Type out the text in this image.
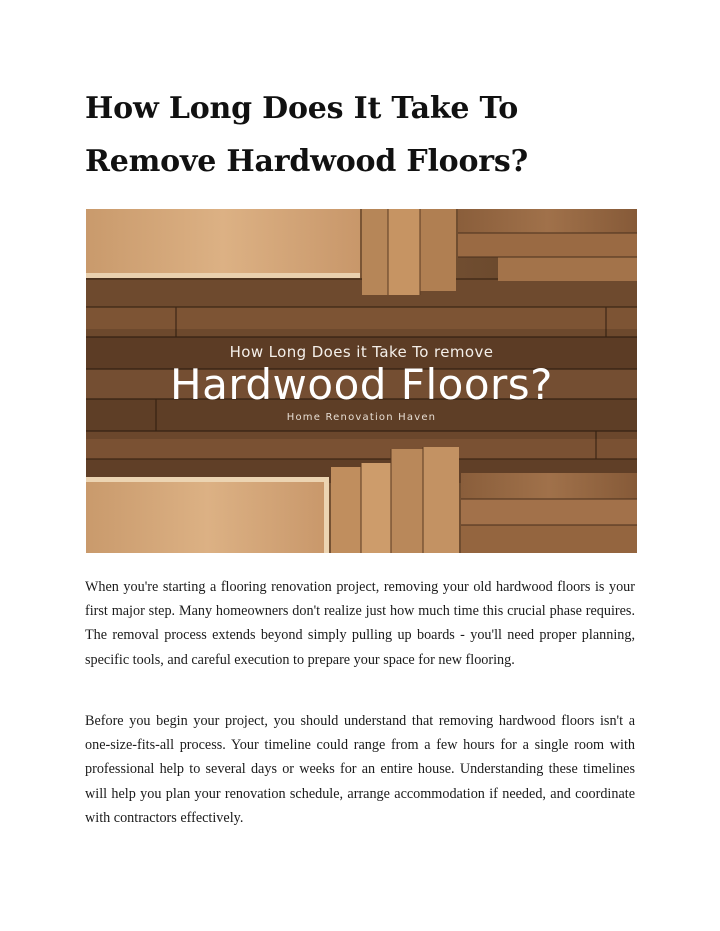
How Long Does It Take To Remove Hardwood Floors?
How Long Does it Take To remove
Hardwood Floors?
Home Renovation Haven

When you're starting a flooring renovation project, removing your old hardwood floors is your first major step. Many homeowners don't realize just how much time this crucial phase requires. The removal process extends beyond simply pulling up boards - you'll need proper planning, specific tools, and careful execution to prepare your space for new flooring.

Before you begin your project, you should understand that removing hardwood floors isn't a one-size-fits-all process. Your timeline could range from a few hours for a single room with professional help to several days or weeks for an entire house. Understanding these timelines will help you plan your renovation schedule, arrange accommodation if needed, and coordinate with contractors effectively.
